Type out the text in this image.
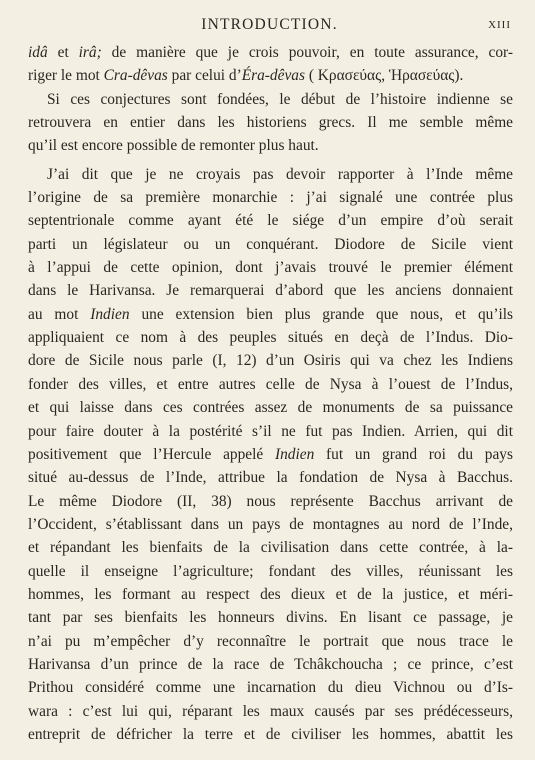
INTRODUCTION.	XIII
idâ et irâ; de manière que je crois pouvoir, en toute assurance, cor-
riger le mot Cra-dêvas par celui d’Éra-dêvas ( Κρασεύας, Ἡρασεύας).
Si ces conjectures sont fondées, le début de l’histoire indienne se
retrouvera en entier dans les historiens grecs. Il me semble même
qu’il est encore possible de remonter plus haut.
J’ai dit que je ne croyais pas devoir rapporter à l’Inde même
l’origine de sa première monarchie : j’ai signalé une contrée plus
septentrionale comme ayant été le siége d’un empire d’où serait
parti un législateur ou un conquérant. Diodore de Sicile vient
à l’appui de cette opinion, dont j’avais trouvé le premier élément
dans le Harivansa. Je remarquerai d’abord que les anciens donnaient
au mot Indien une extension bien plus grande que nous, et qu’ils
appliquaient ce nom à des peuples situés en deçà de l’Indus. Dio-
dore de Sicile nous parle (I, 12) d’un Osiris qui va chez les Indiens
fonder des villes, et entre autres celle de Nysa à l’ouest de l’Indus,
et qui laisse dans ces contrées assez de monuments de sa puissance
pour faire douter à la postérité s’il ne fut pas Indien. Arrien, qui dit
positivement que l’Hercule appelé Indien fut un grand roi du pays
situé au-dessus de l’Inde, attribue la fondation de Nysa à Bacchus.
Le même Diodore (II, 38) nous représente Bacchus arrivant de
l’Occident, s’établissant dans un pays de montagnes au nord de l’Inde,
et répandant les bienfaits de la civilisation dans cette contrée, à la-
quelle il enseigne l’agriculture; fondant des villes, réunissant les
hommes, les formant au respect des dieux et de la justice, et méri-
tant par ses bienfaits les honneurs divins. En lisant ce passage, je
n’ai pu m’empêcher d’y reconnaître le portrait que nous trace le
Harivansa d’un prince de la race de Tchâkchoucha ; ce prince, c’est
Prithou considéré comme une incarnation du dieu Vichnou ou d’Is-
wara : c’est lui qui, réparant les maux causés par ses prédécesseurs,
entreprit de défricher la terre et de civiliser les hommes, abattit les
